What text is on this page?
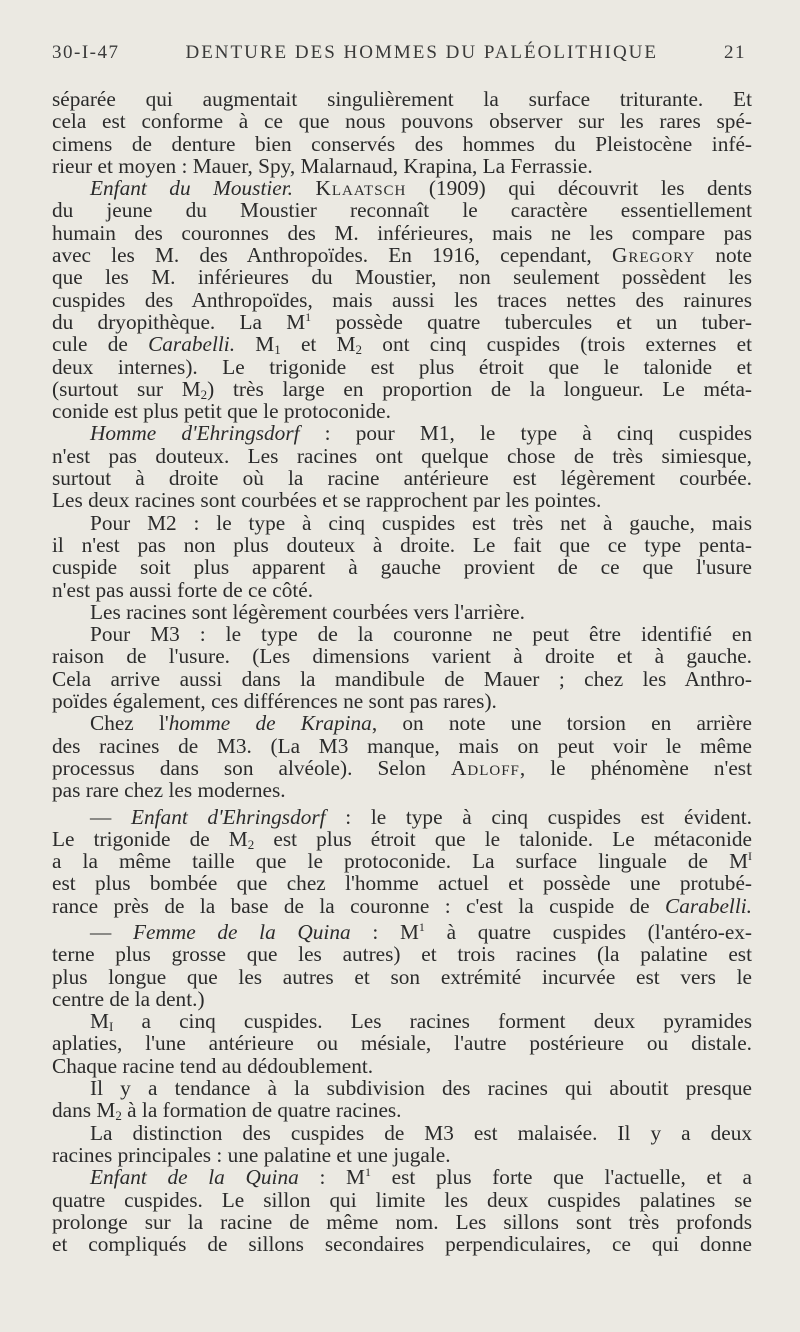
30-I-47	DENTURE DES HOMMES DU PALÉOLITHIQUE	21

séparée qui augmentait singulièrement la surface triturante. Et

cela est conforme à ce que nous pouvons observer sur les rares spé-

cimens de denture bien conservés des hommes du Pleistocène infé-

rieur et moyen : Mauer, Spy, Malarnaud, Krapina, La Ferrassie.

Enfant du Moustier. Klaatsch (1909) qui découvrit les dents

du jeune du Moustier reconnaît le caractère essentiellement

humain des couronnes des M. inférieures, mais ne les compare pas

avec les M. des Anthropoïdes. En 1916, cependant, Gregory note

que les M. inférieures du Moustier, non seulement possèdent les

cuspides des Anthropoïdes, mais aussi les traces nettes des rainures

du dryopithèque. La $M^1$ possède quatre tubercules et un tuber-

cule de Carabelli. $M_1$ et $M_2$ ont cinq cuspides (trois externes et

deux internes). Le trigonide est plus étroit que le talonide et

(surtout sur $M_2$) très large en proportion de la longueur. Le méta-

conide est plus petit que le protoconide.

Homme d'Ehringsdorf : pour M1, le type à cinq cuspides

n'est pas douteux. Les racines ont quelque chose de très simiesque,

surtout à droite où la racine antérieure est légèrement courbée.

Les deux racines sont courbées et se rapprochent par les pointes.

Pour M2 : le type à cinq cuspides est très net à gauche, mais

il n'est pas non plus douteux à droite. Le fait que ce type penta-

cuspide soit plus apparent à gauche provient de ce que l'usure

n'est pas aussi forte de ce côté.

Les racines sont légèrement courbées vers l'arrière.

Pour M3 : le type de la couronne ne peut être identifié en

raison de l'usure. (Les dimensions varient à droite et à gauche.

Cela arrive aussi dans la mandibule de Mauer ; chez les Anthro-

poïdes également, ces différences ne sont pas rares).

Chez l'homme de Krapina, on note une torsion en arrière

des racines de M3. (La M3 manque, mais on peut voir le même

processus dans son alvéole). Selon Adloff, le phénomène n'est

pas rare chez les modernes.

— Enfant d'Ehringsdorf : le type à cinq cuspides est évident.

Le trigonide de $M_2$ est plus étroit que le talonide. Le métaconide

a la même taille que le protoconide. La surface linguale de $M^I$

est plus bombée que chez l'homme actuel et possède une protubé-

rance près de la base de la couronne : c'est la cuspide de Carabelli.

— Femme de la Quina : $M^1$ à quatre cuspides (l'antéro-ex-

terne plus grosse que les autres) et trois racines (la palatine est

plus longue que les autres et son extrémité incurvée est vers le

centre de la dent.)

$M_I$ a cinq cuspides. Les racines forment deux pyramides

aplaties, l'une antérieure ou mésiale, l'autre postérieure ou distale.

Chaque racine tend au dédoublement.

Il y a tendance à la subdivision des racines qui aboutit presque

dans $M_2$ à la formation de quatre racines.

La distinction des cuspides de M3 est malaisée. Il y a deux

racines principales : une palatine et une jugale.

Enfant de la Quina : $M^1$ est plus forte que l'actuelle, et a

quatre cuspides. Le sillon qui limite les deux cuspides palatines se

prolonge sur la racine de même nom. Les sillons sont très profonds

et compliqués de sillons secondaires perpendiculaires, ce qui donne
